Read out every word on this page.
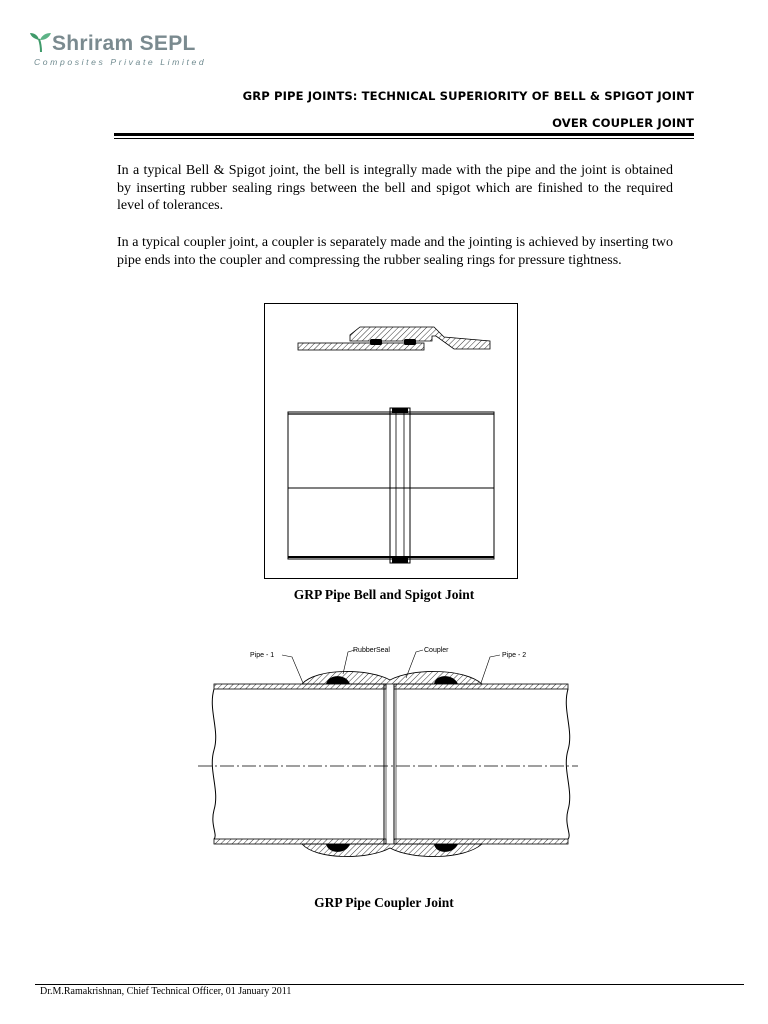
Shriram SEPL
Composites Private Limited
GRP PIPE JOINTS: TECHNICAL SUPERIORITY OF BELL & SPIGOT JOINT
OVER COUPLER JOINT

In a typical Bell & Spigot joint, the bell is integrally made with the pipe and the joint is obtained by inserting rubber sealing rings between the bell and spigot which are finished to the required level of tolerances.

In a typical coupler joint, a coupler is separately made and the jointing is achieved by inserting two pipe ends into the coupler and compressing the rubber sealing rings for pressure tightness.

GRP Pipe Bell and Spigot Joint
Pipe - 1
RubberSeal	Coupler
Pipe - 2
GRP Pipe Coupler Joint
Dr.M.Ramakrishnan, Chief Technical Officer, 01 January 2011
